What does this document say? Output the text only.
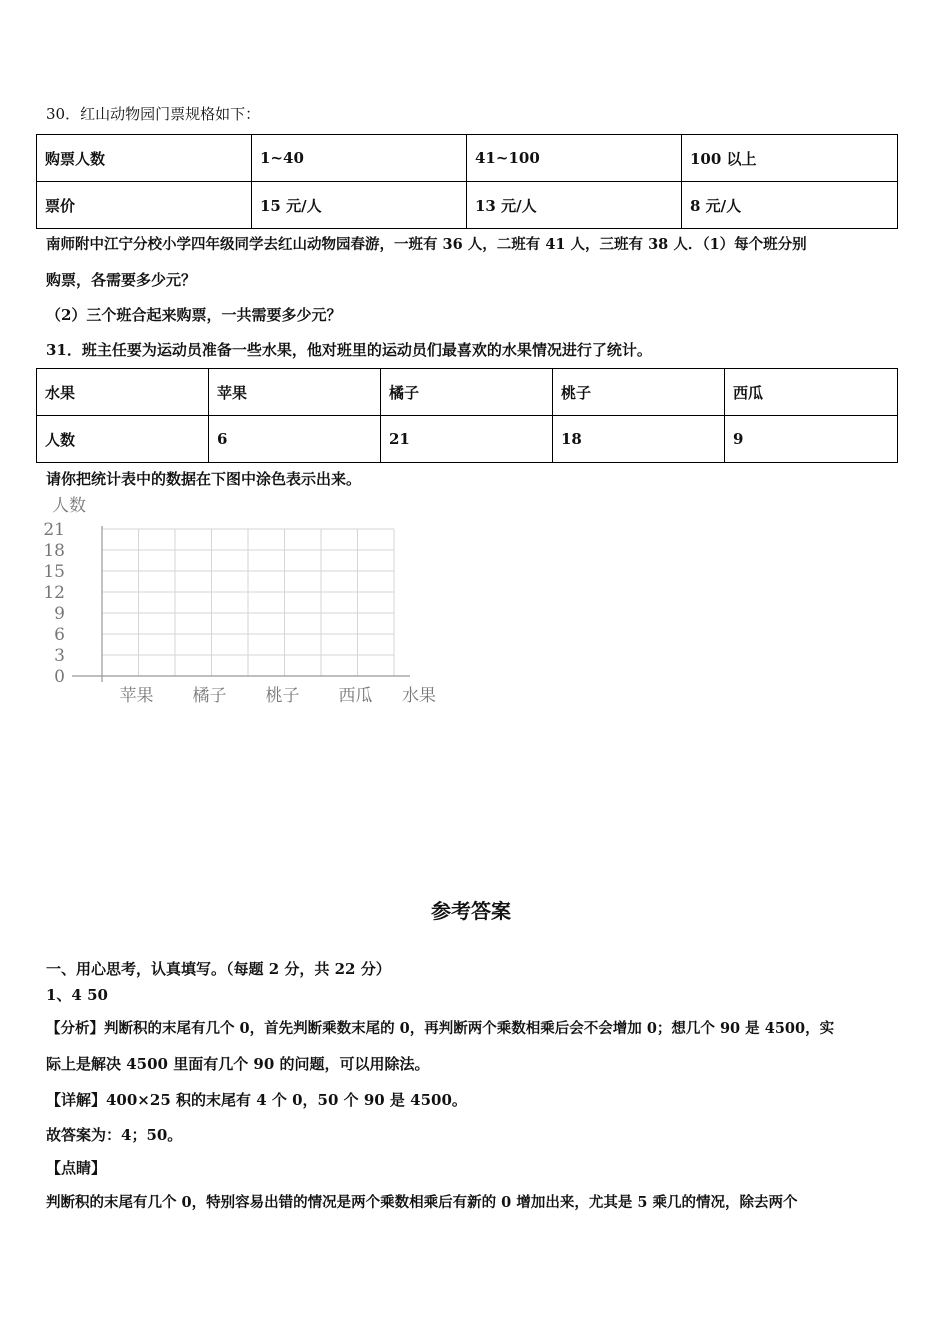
30．红山动物园门票规格如下：
购票人数	1~40	41~100	100 以上
票价	15 元/人	13 元/人	8 元/人
南师附中江宁分校小学四年级同学去红山动物园春游，一班有 36 人，二班有 41 人，三班有 38 人．（1）每个班分别
购票，各需要多少元？
（2）三个班合起来购票，一共需要多少元？
31．班主任要为运动员准备一些水果，他对班里的运动员们最喜欢的水果情况进行了统计。
水果	苹果	橘子	桃子	西瓜
人数	6	21	18	9
请你把统计表中的数据在下图中涂色表示出来。
人数
水果
0
3
6
9
12
15
18
21
苹果 橘子 桃子 西瓜
参考答案
一、用心思考，认真填写。（每题 2 分，共 22 分）
1、4 50
【分析】判断积的末尾有几个 0，首先判断乘数末尾的 0，再判断两个乘数相乘后会不会增加 0；想几个 90 是 4500，实
际上是解决 4500 里面有几个 90 的问题，可以用除法。
【详解】400×25 积的末尾有 4 个 0，50 个 90 是 4500。
故答案为：4；50。
【点睛】
判断积的末尾有几个 0，特别容易出错的情况是两个乘数相乘后有新的 0 增加出来，尤其是 5 乘几的情况，除去两个
